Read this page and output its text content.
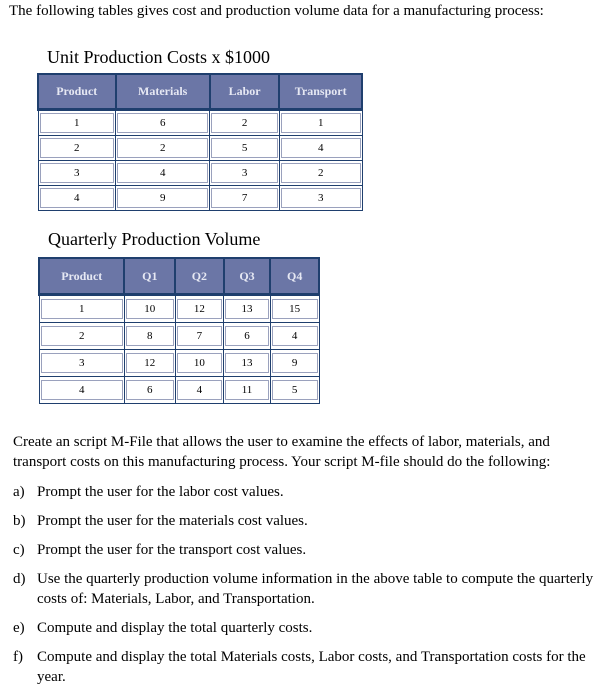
The following tables gives cost and production volume data for a manufacturing process:
Unit Production Costs x $1000
Product	Materials	Labor	Transport

1	6	2	1

2	2	5	4

3	4	3	2

4	9	7	3
Quarterly Production Volume
Product	Q1	Q2	Q3	Q4

1	10	12	13	15

2	8	7	6	4

3	12	10	13	9

4	6	4	11	5
Create an script M-File that allows the user to examine the effects of labor, materials, and transport costs on this manufacturing process. Your script M-file should do the following:
a) Prompt the user for the labor cost values.
b) Prompt the user for the materials cost values.
c) Prompt the user for the transport cost values.
d) Use the quarterly production volume information in the above table to compute the quarterly costs of: Materials, Labor, and Transportation.
e) Compute and display the total quarterly costs.
f) Compute and display the total Materials costs, Labor costs, and Transportation costs for the year.
